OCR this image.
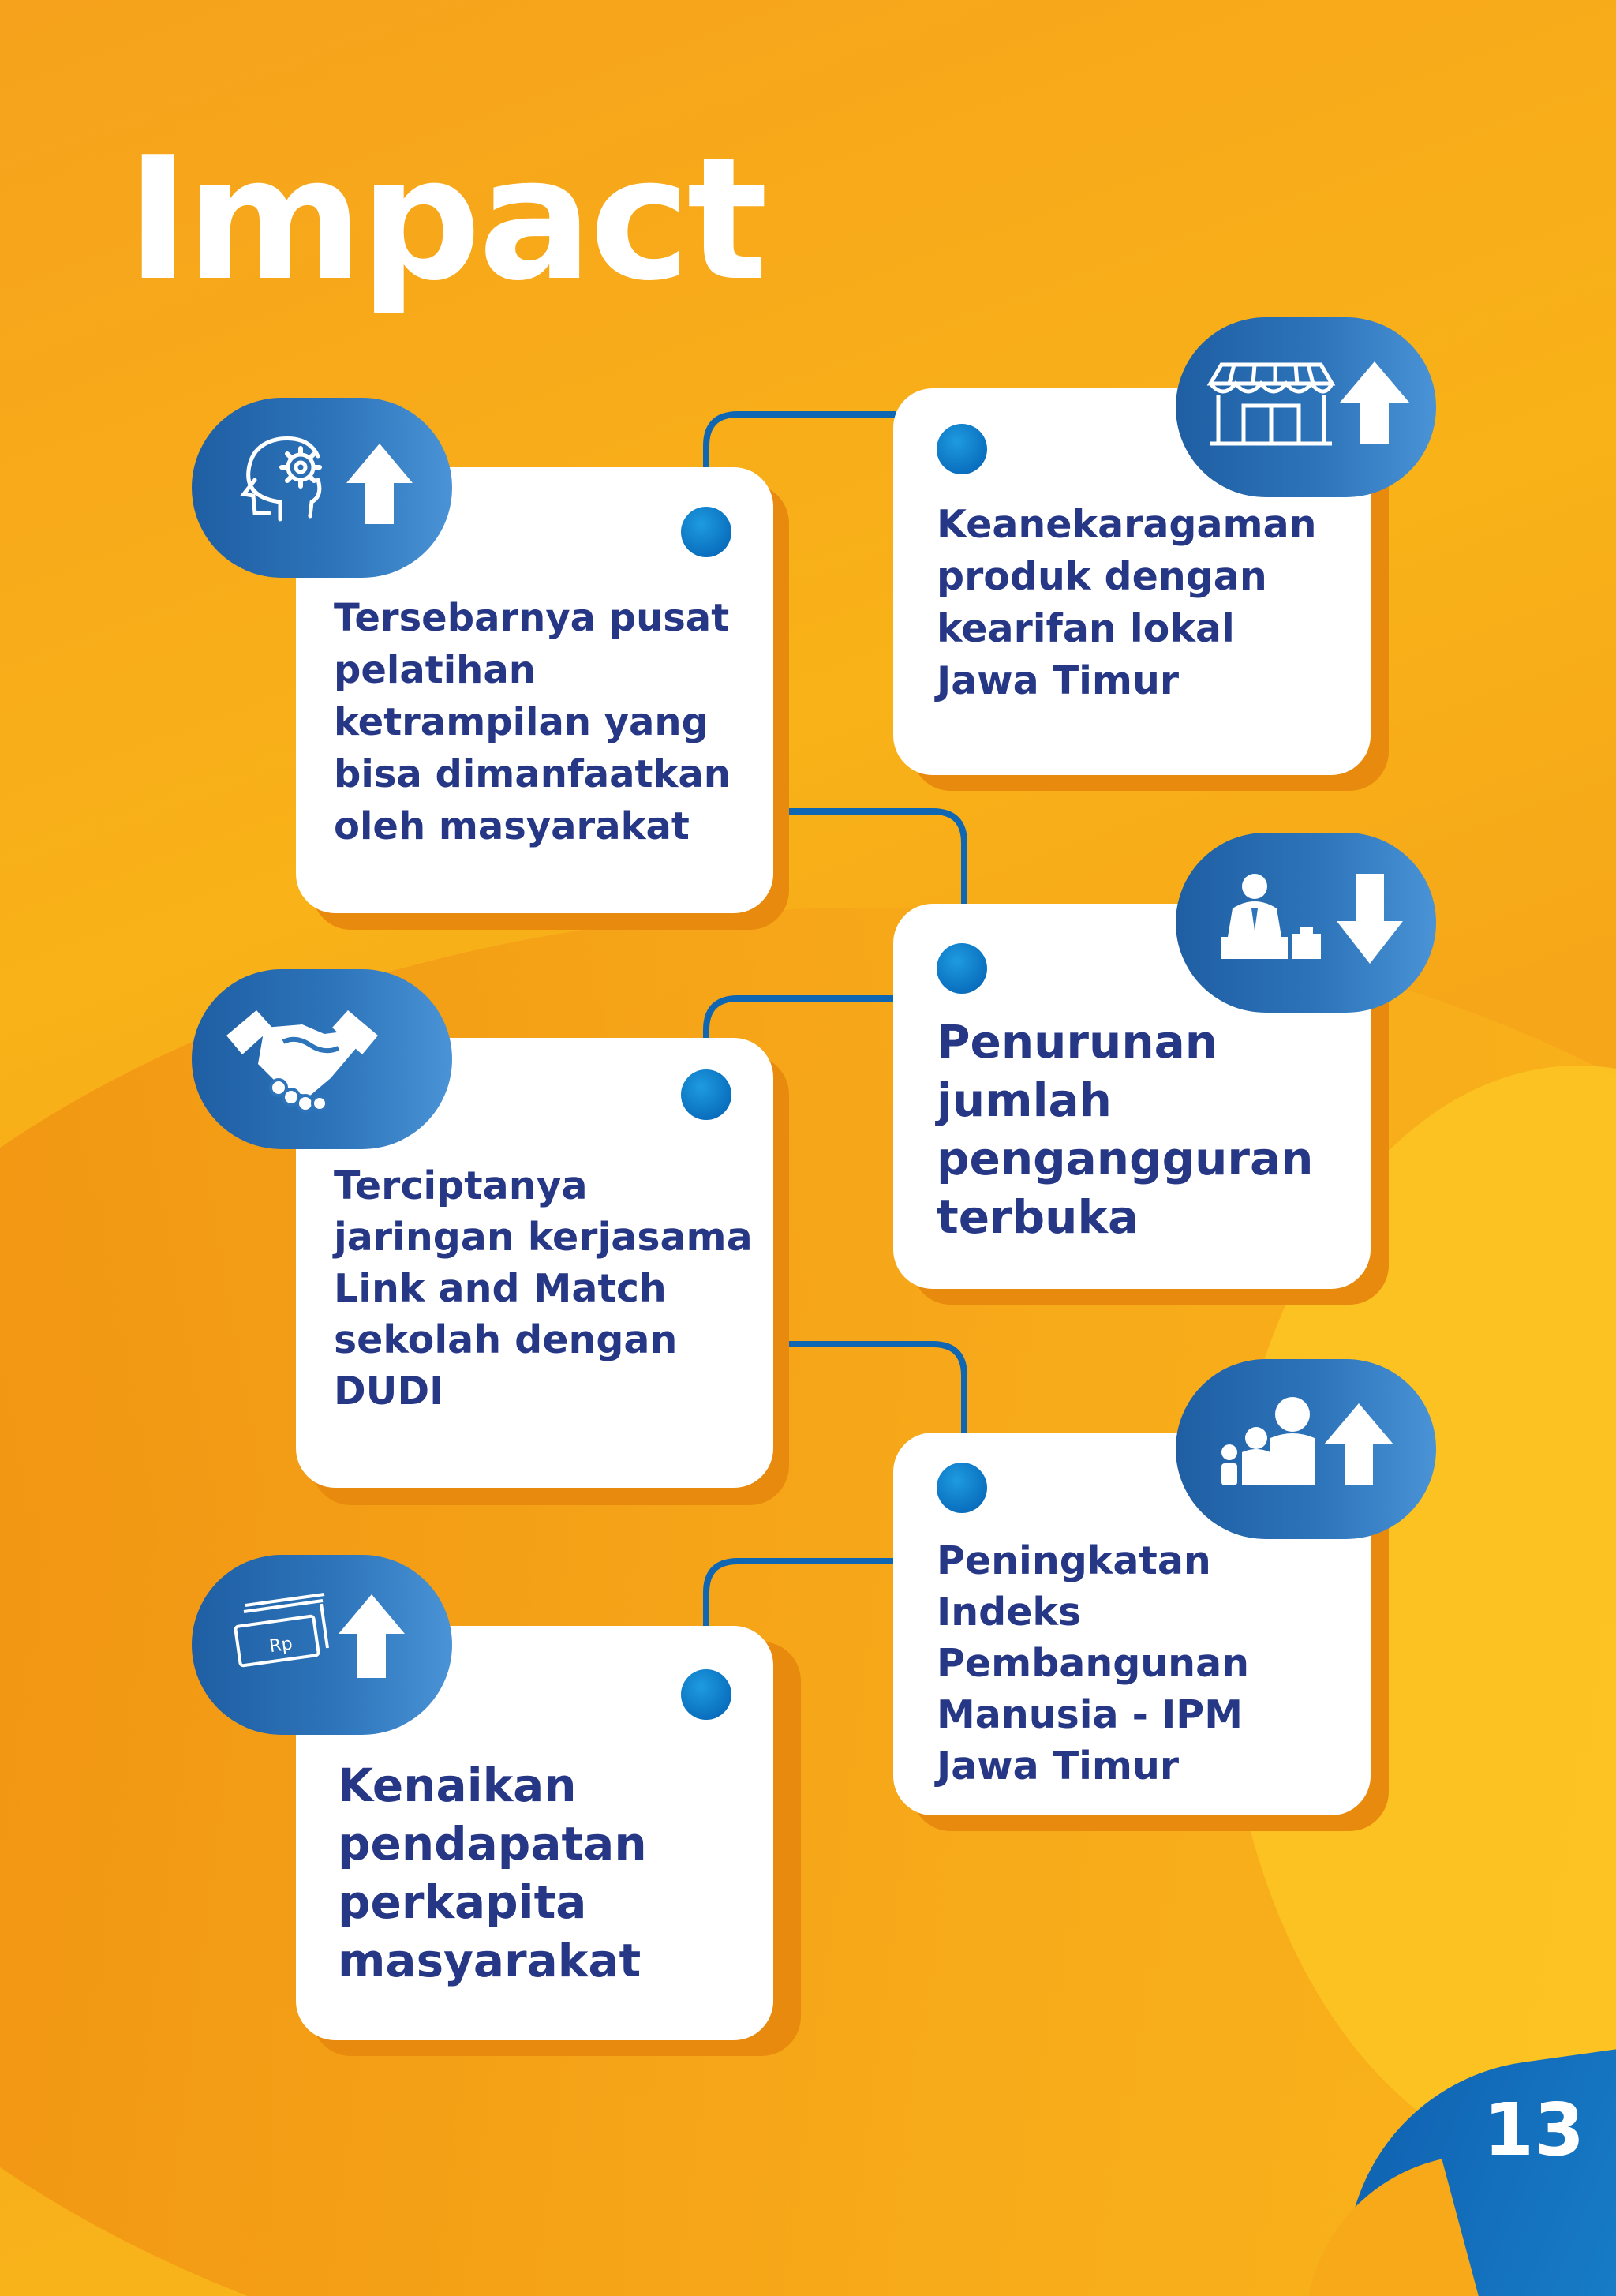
Impact
Tersebarnya pusat pelatihan ketrampilan yang bisa dimanfaatkan oleh masyarakat
Keanekaragaman produk dengan kearifan lokal Jawa Timur
Penurunan jumlah pengangguran terbuka
Terciptanya jaringan kerjasama Link and Match sekolah dengan DUDI
Peningkatan Indeks Pembangunan Manusia - IPM Jawa Timur
Kenaikan pendapatan perkapita masyarakat
Rp
13
